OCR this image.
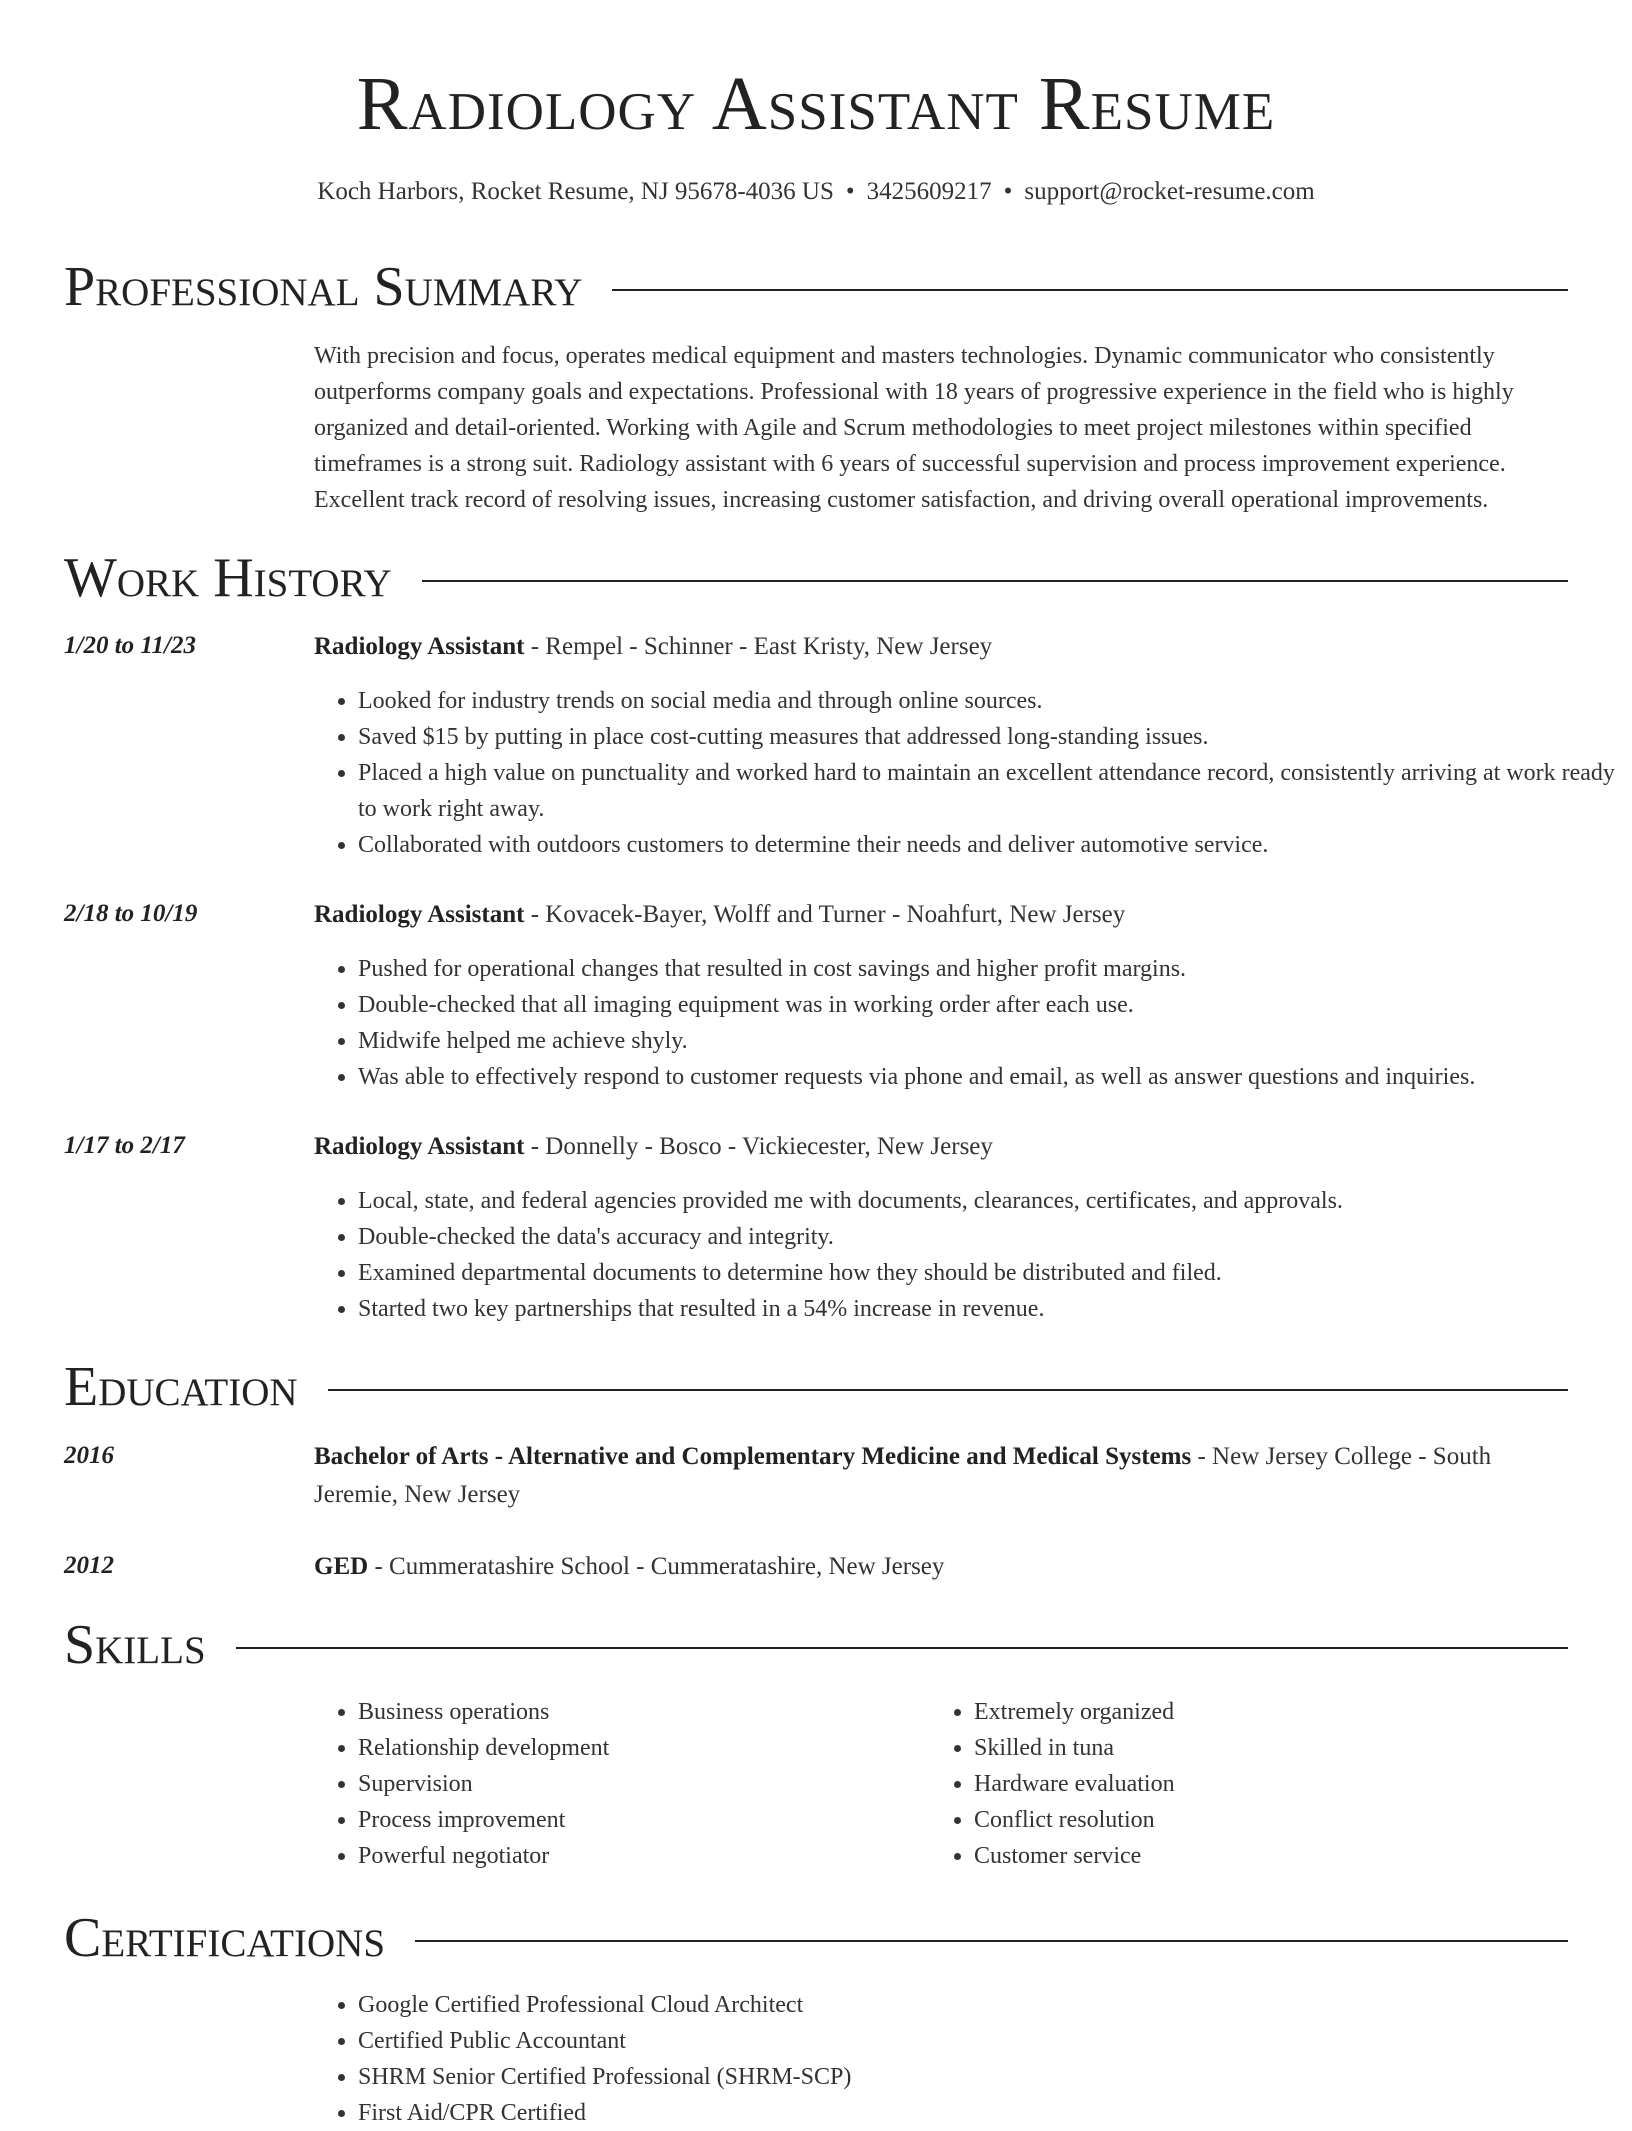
Radiology Assistant Resume
Koch Harbors, Rocket Resume, NJ 95678-4036 US • 3425609217 • support@rocket-resume.com
Professional Summary
With precision and focus, operates medical equipment and masters technologies. Dynamic communicator who consistently outperforms company goals and expectations. Professional with 18 years of progressive experience in the field who is highly organized and detail-oriented. Working with Agile and Scrum methodologies to meet project milestones within specified timeframes is a strong suit. Radiology assistant with 6 years of successful supervision and process improvement experience. Excellent track record of resolving issues, increasing customer satisfaction, and driving overall operational improvements.
Work History
1/20 to 11/23	Radiology Assistant - Rempel - Schinner - East Kristy, New Jersey
• Looked for industry trends on social media and through online sources.
• Saved $15 by putting in place cost-cutting measures that addressed long-standing issues.
• Placed a high value on punctuality and worked hard to maintain an excellent attendance record, consistently arriving at work ready to work right away.
• Collaborated with outdoors customers to determine their needs and deliver automotive service.
2/18 to 10/19	Radiology Assistant - Kovacek-Bayer, Wolff and Turner - Noahfurt, New Jersey
• Pushed for operational changes that resulted in cost savings and higher profit margins.
• Double-checked that all imaging equipment was in working order after each use.
• Midwife helped me achieve shyly.
• Was able to effectively respond to customer requests via phone and email, as well as answer questions and inquiries.
1/17 to 2/17	Radiology Assistant - Donnelly - Bosco - Vickiecester, New Jersey
• Local, state, and federal agencies provided me with documents, clearances, certificates, and approvals.
• Double-checked the data's accuracy and integrity.
• Examined departmental documents to determine how they should be distributed and filed.
• Started two key partnerships that resulted in a 54% increase in revenue.
Education
2016	Bachelor of Arts - Alternative and Complementary Medicine and Medical Systems - New Jersey College - South Jeremie, New Jersey
2012	GED - Cummeratashire School - Cummeratashire, New Jersey
Skills
• Business operations
• Relationship development
• Supervision
• Process improvement
• Powerful negotiator
• Extremely organized
• Skilled in tuna
• Hardware evaluation
• Conflict resolution
• Customer service
Certifications
• Google Certified Professional Cloud Architect
• Certified Public Accountant
• SHRM Senior Certified Professional (SHRM-SCP)
• First Aid/CPR Certified
